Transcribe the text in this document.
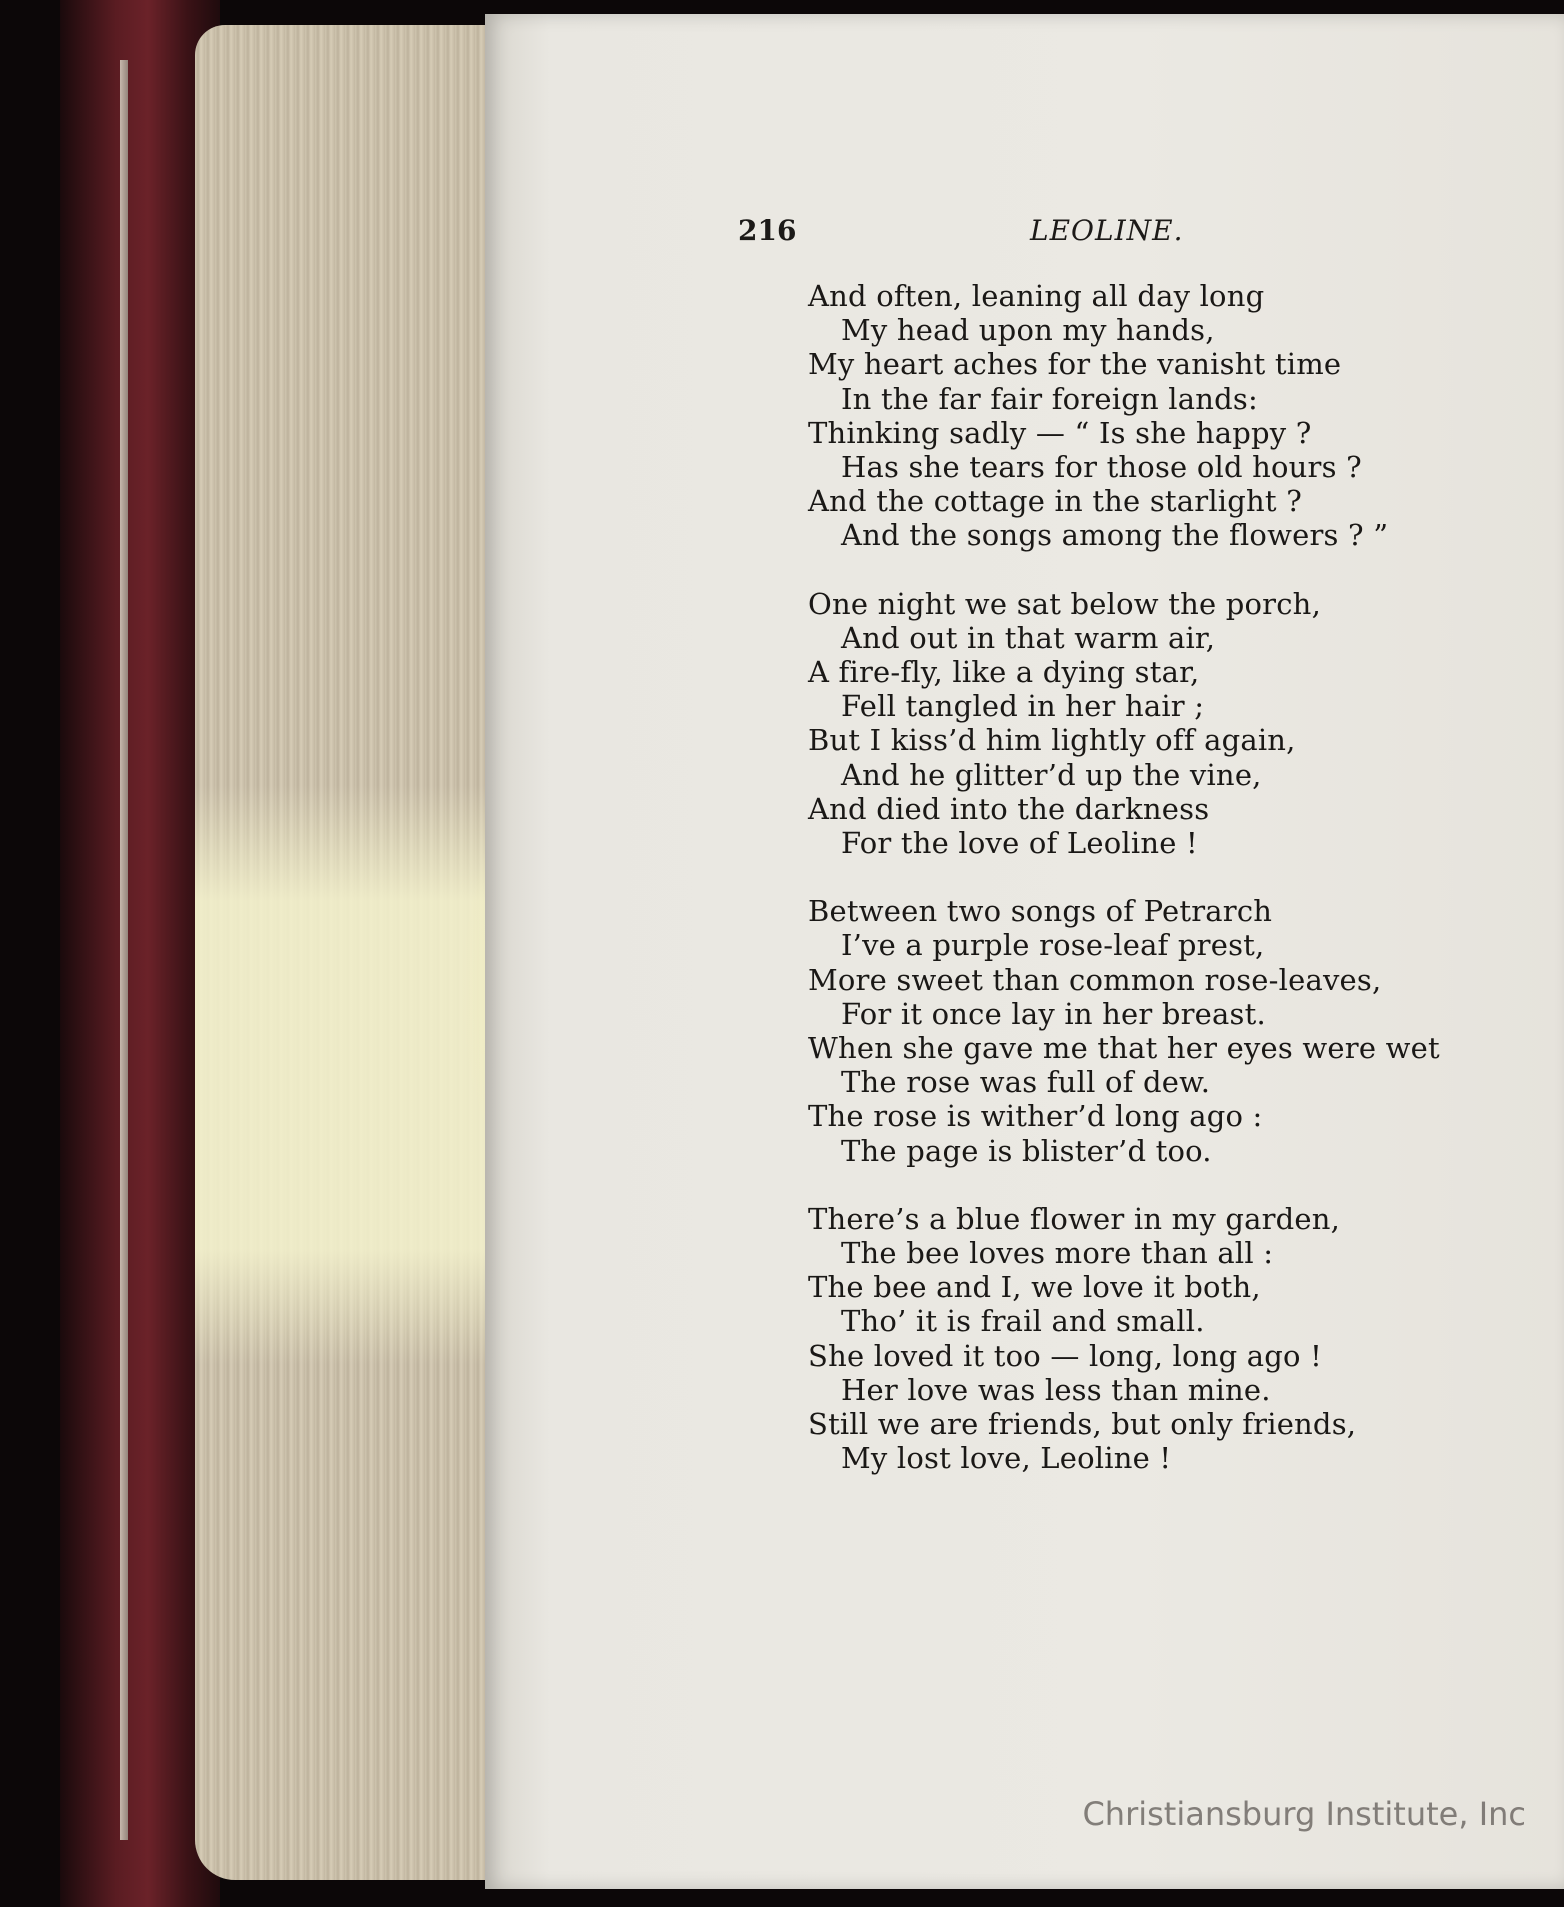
216	LEOLINE.
And often, leaning all day long
My head upon my hands,
My heart aches for the vanisht time
In the far fair foreign lands:
Thinking sadly — “ Is she happy ?
Has she tears for those old hours ?
And the cottage in the starlight ?
And the songs among the flowers ? ”
One night we sat below the porch,
And out in that warm air,
A fire-fly, like a dying star,
Fell tangled in her hair ;
But I kiss’d him lightly off again,
And he glitter’d up the vine,
And died into the darkness
For the love of Leoline !
Between two songs of Petrarch
I’ve a purple rose-leaf prest,
More sweet than common rose-leaves,
For it once lay in her breast.
When she gave me that her eyes were wet
The rose was full of dew.
The rose is wither’d long ago :
The page is blister’d too.
There’s a blue flower in my garden,
The bee loves more than all :
The bee and I, we love it both,
Tho’ it is frail and small.
She loved it too — long, long ago !
Her love was less than mine.
Still we are friends, but only friends,
My lost love, Leoline !
Christiansburg Institute, Inc
